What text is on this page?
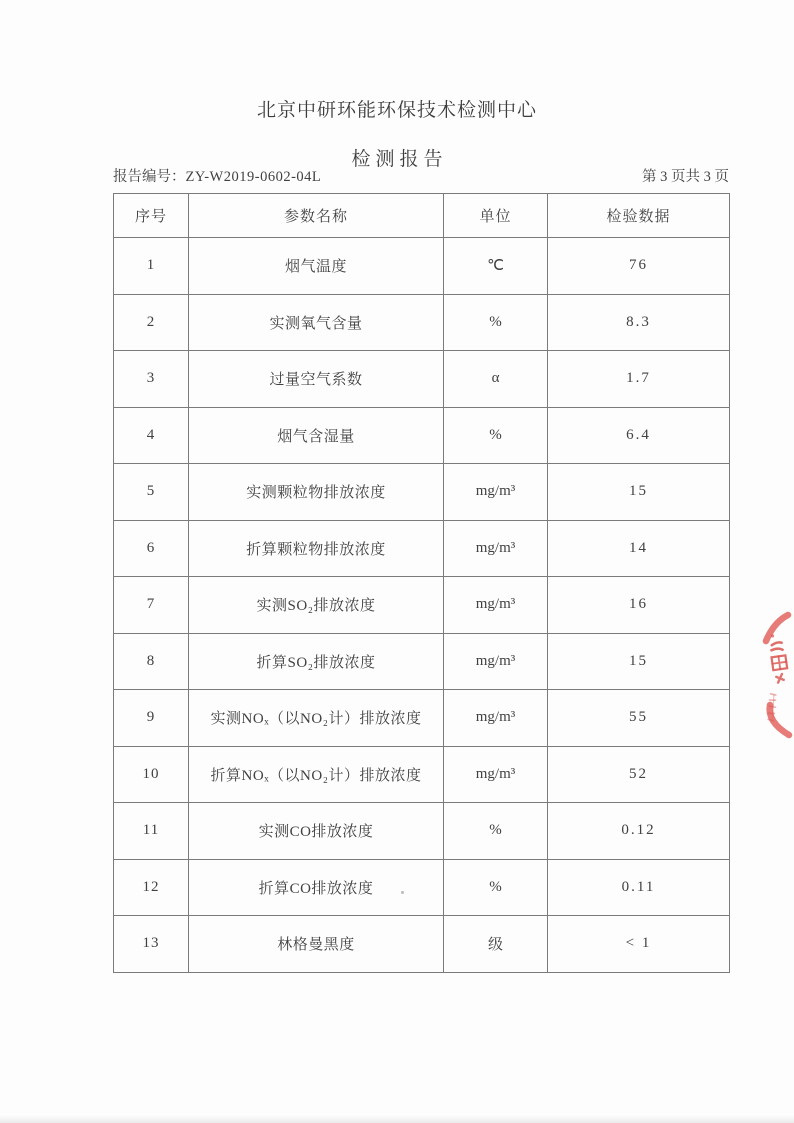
北京中研环能环保技术检测中心
检测报告
报告编号：ZY-W2019-0602-04L	第 3 页共 3 页
序号	参数名称	单位	检验数据
1	烟气温度	℃	76
2	实测氧气含量	%	8.3
3	过量空气系数	α	1.7
4	烟气含湿量	%	6.4
5	实测颗粒物排放浓度	mg/m³	15
6	折算颗粒物排放浓度	mg/m³	14
7	实测SO₂排放浓度	mg/m³	16
8	折算SO₂排放浓度	mg/m³	15
9	实测NOₓ（以NO₂计）排放浓度	mg/m³	55
10	折算NOₓ（以NO₂计）排放浓度	mg/m³	52
11	实测CO排放浓度	%	0.12
12	折算CO排放浓度	%	0.11
13	林格曼黑度	级	< 1
